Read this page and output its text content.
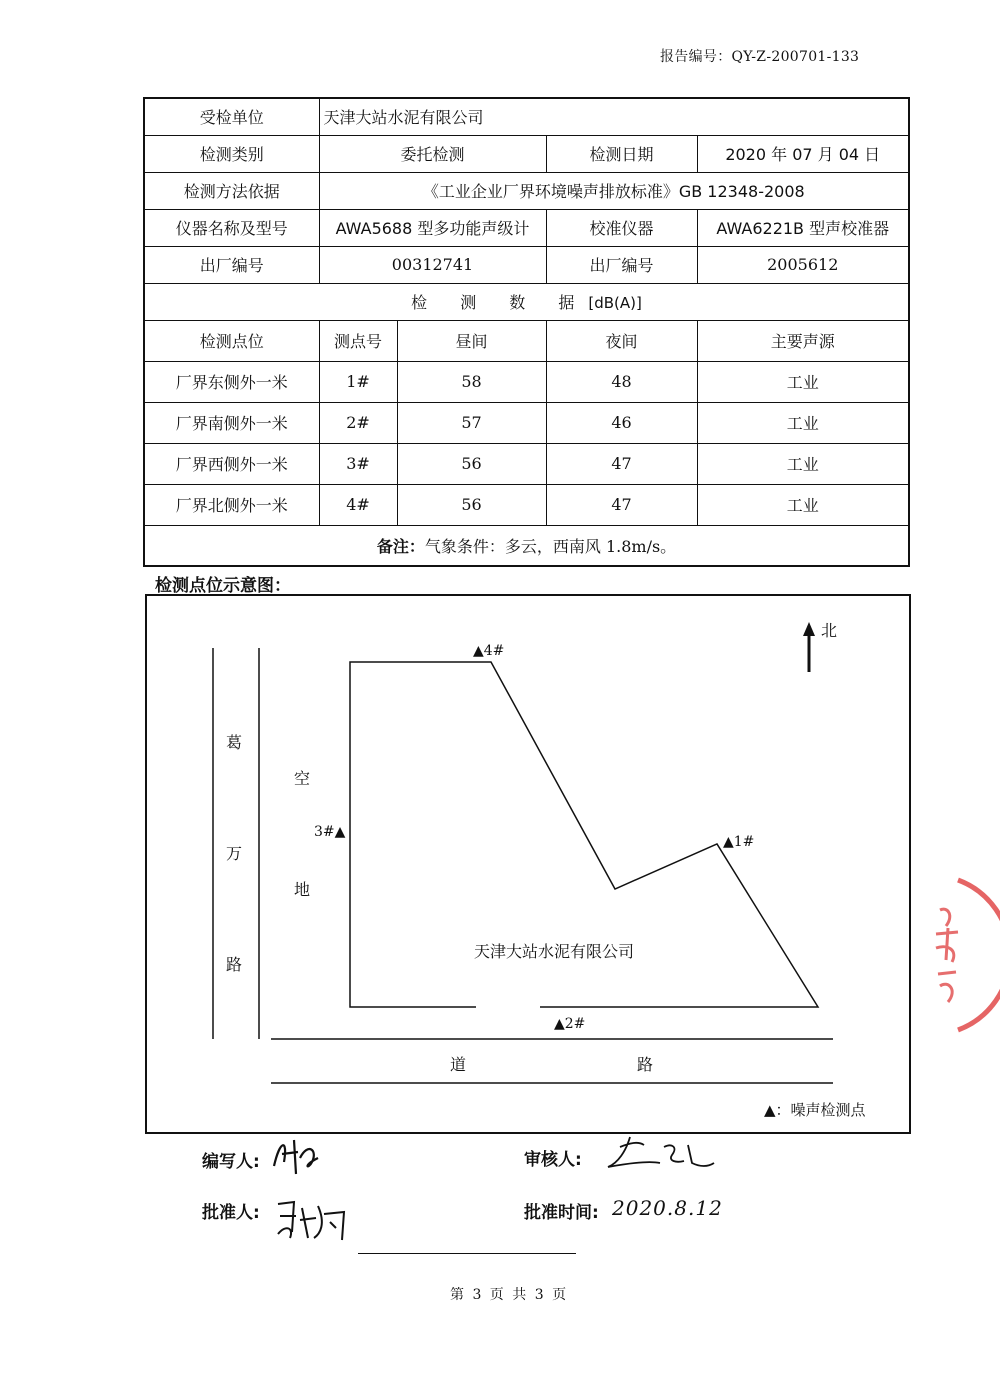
报告编号：QY-Z-200701-133
受检单位	天津大站水泥有限公司			
检测类别	委托检测		检测日期	2020 年 07 月 04 日
检测方法依据	《工业企业厂界环境噪声排放标准》GB 12348-2008			
仪器名称及型号	AWA5688 型多功能声级计		校准仪器	AWA6221B 型声校准器
出厂编号	00312741		出厂编号	2005612
检 测 数 据[dB(A)]				
检测点位	测点号	昼间	夜间	主要声源
厂界东侧外一米	1#	58	48	工业
厂界南侧外一米	2#	57	46	工业
厂界西侧外一米	3#	56	47	工业
厂界北侧外一米	4#	56	47	工业
备注：气象条件：多云，西南风 1.8m/s。				
检测点位示意图：
北
葛
万
路
空
地
天津大站水泥有限公司
道	路
▲1#
▲2#
3#▲
▲4#
▲：噪声检测点
编写人:	审核人:
批准人:	批准时间: 2020.8.12
第 3 页 共 3 页
